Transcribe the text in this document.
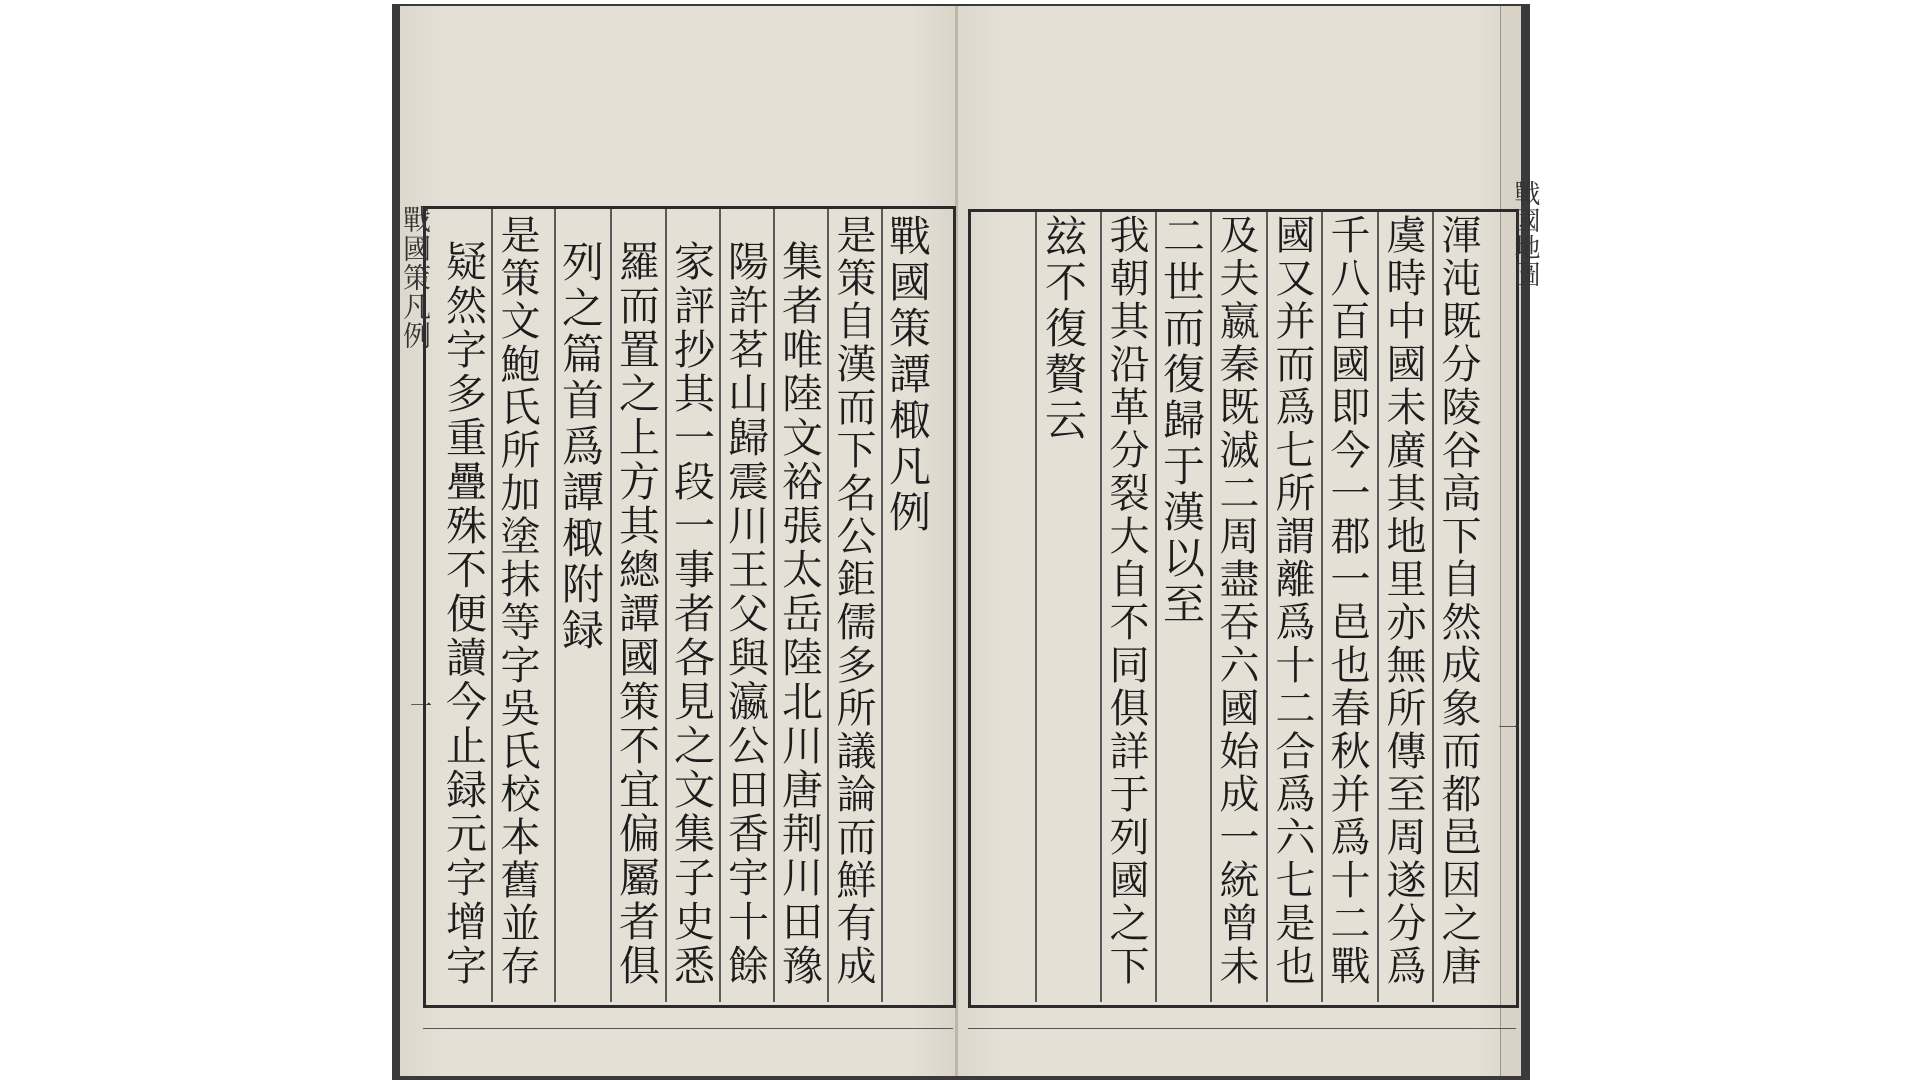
戰國策凡例
一
戰國地圖
一
戰國策譚棷凡例
是策自漢而下名公鉅儒多所議論而鮮有成
集者唯陸文裕張太岳陸北川唐荆川田豫
陽許茗山歸震川王父與瀛公田香宇十餘
家評抄其一段一事者各見之文集子史悉
羅而置之上方其總譚國策不宜偏屬者俱
列之篇首爲譚棷附録
是策文鮑氏所加塗抹等字吳氏校本舊並存
疑然字多重疊殊不便讀今止録元字增字	渾沌既分陵谷高下自然成象而都邑因之唐
虞時中國未廣其地里亦無所傳至周遂分爲
千八百國即今一郡一邑也春秋并爲十二戰
國又并而爲七所謂離爲十二合爲六七是也
及夫嬴秦既滅二周盡吞六國始成一統曾未
二世而復歸于漢以至
我朝其沿革分裂大自不同俱詳于列國之下
玆不復贅云
